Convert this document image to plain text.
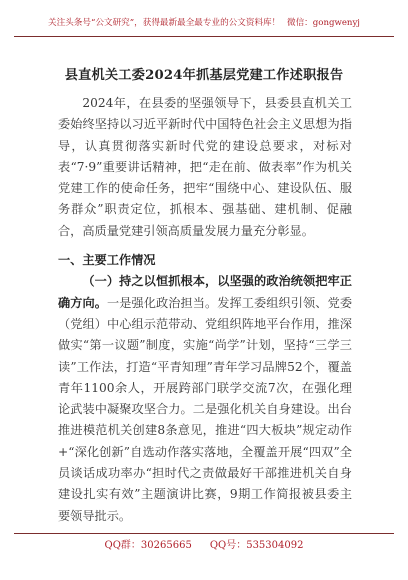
关注头条号“公文研究”，获得最新最全最专业的公文资料库！ 微信：gongwenyj
县直机关工委2024年抓基层党建工作述职报告

2024年，在县委的坚强领导下，县委县直机关工委始终坚持以习近平新时代中国特色社会主义思想为指导，认真贯彻落实新时代党的建设总要求，对标对表“7·9”重要讲话精神，把“走在前、做表率”作为机关党建工作的使命任务，把牢“围绕中心、建设队伍、服务群众”职责定位，抓根本、强基础、建机制、促融合，高质量党建引领高质量发展力量充分彰显。

一、主要工作情况

（一）持之以恒抓根本，以坚强的政治统领把牢正确方向。一是强化政治担当。发挥工委组织引领、党委（党组）中心组示范带动、党组织阵地平台作用，推深做实“第一议题”制度，实施“尚学”计划，坚持“三学三读”工作法，打造“平青知理”青年学习品牌52个，覆盖青年1100余人，开展跨部门联学交流7次，在强化理论武装中凝聚攻坚合力。二是强化机关自身建设。出台推进模范机关创建8条意见，推进“四大板块”规定动作+“深化创新”自选动作落实落地，全覆盖开展“四双”全员谈话成功率办“担时代之责做最好干部推进机关自身建设扎实有效”主题演讲比赛，9期工作简报被县委主要领导批示。

QQ群：30265665 QQ号：535304092
